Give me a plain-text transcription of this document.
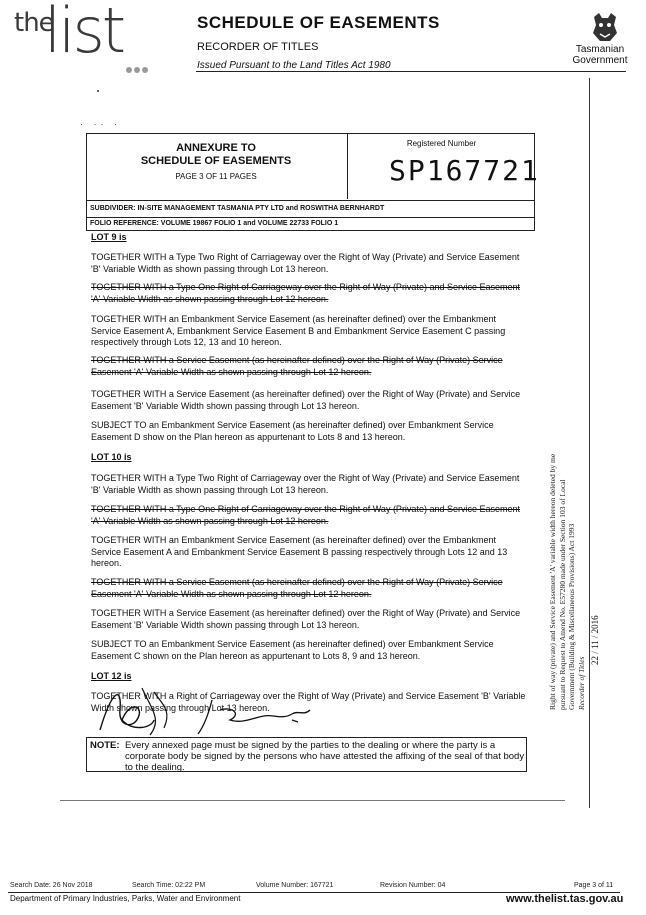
the
list	SCHEDULE OF EASEMENTS
RECORDER OF TITLES
Issued Pursuant to the Land Titles Act 1980
Tasmanian
Government
· ·· ·
ANNEXURE TO
SCHEDULE OF EASEMENTS
PAGE 3 OF 11 PAGES
Registered Number
SP167721
SUBDIVIDER: IN-SITE MANAGEMENT TASMANIA PTY LTD and ROSWITHA BERNHARDT
FOLIO REFERENCE: VOLUME 19867 FOLIO 1 and VOLUME 22733 FOLIO 1
LOT 9 is
TOGETHER WITH a Type Two Right of Carriageway over the Right of Way (Private) and Service Easement 'B' Variable Width as shown passing through Lot 13 hereon.
TOGETHER WITH a Type One Right of Carriageway over the Right of Way (Private) and Service Easement 'A' Variable Width as shown passing through Lot 12 hereon.
TOGETHER WITH an Embankment Service Easement (as hereinafter defined) over the Embankment Service Easement A, Embankment Service Easement B and Embankment Service Easement C passing respectively through Lots 12, 13 and 10 hereon.
TOGETHER WITH a Service Easement (as hereinafter defined) over the Right of Way (Private) Service Easement 'A' Variable Width as shown passing through Lot 12 hereon.
TOGETHER WITH a Service Easement (as hereinafter defined) over the Right of Way (Private) and Service Easement 'B' Variable Width shown passing through Lot 13 hereon.
SUBJECT TO an Embankment Service Easement (as hereinafter defined) over Embankment Service Easement D show on the Plan hereon as appurtenant to Lots 8 and 13 hereon.
LOT 10 is
TOGETHER WITH a Type Two Right of Carriageway over the Right of Way (Private) and Service Easement 'B' Variable Width as shown passing through Lot 13 hereon.
TOGETHER WITH a Type One Right of Carriageway over the Right of Way (Private) and Service Easement 'A' Variable Width as shown passing through Lot 12 hereon.
TOGETHER WITH an Embankment Service Easement (as hereinafter defined) over the Embankment Service Easement A and Embankment Service Easement B passing respectively through Lots 12 and 13 hereon.
TOGETHER WITH a Service Easement (as hereinafter defined) over the Right of Way (Private) Service Easement 'A' Variable Width as shown passing through Lot 12 hereon.
TOGETHER WITH a Service Easement (as hereinafter defined) over the Right of Way (Private) and Service Easement 'B' Variable Width shown passing through Lot 13 hereon.
SUBJECT TO an Embankment Service Easement (as hereinafter defined) over Embankment Service Easement C shown on the Plan hereon as appurtenant to Lots 8, 9 and 13 hereon.
LOT 12 is
TOGETHER WITH a Right of Carriageway over the Right of Way (Private) and Service Easement 'B' Variable Width shown passing through Lot 13 hereon.
NOTE: Every annexed page must be signed by the parties to the dealing or where the party is a corporate body be signed by the persons who have attested the affixing of the seal of that body to the dealing.
Right of way (private) and Service Easement 'A' variable width hereon deleted by me pursuant to Request to Amend No. E57280 made under Section 103 of Local Government (Building & Miscellaneous Provisions) Act 1993 Recorder of Titles
22 / 11 / 2016
Search Date: 26 Nov 2018	Search Time: 02:22 PM	Volume Number: 167721	Revision Number: 04	Page 3 of 11
Department of Primary Industries, Parks, Water and Environment	www.thelist.tas.gov.au
